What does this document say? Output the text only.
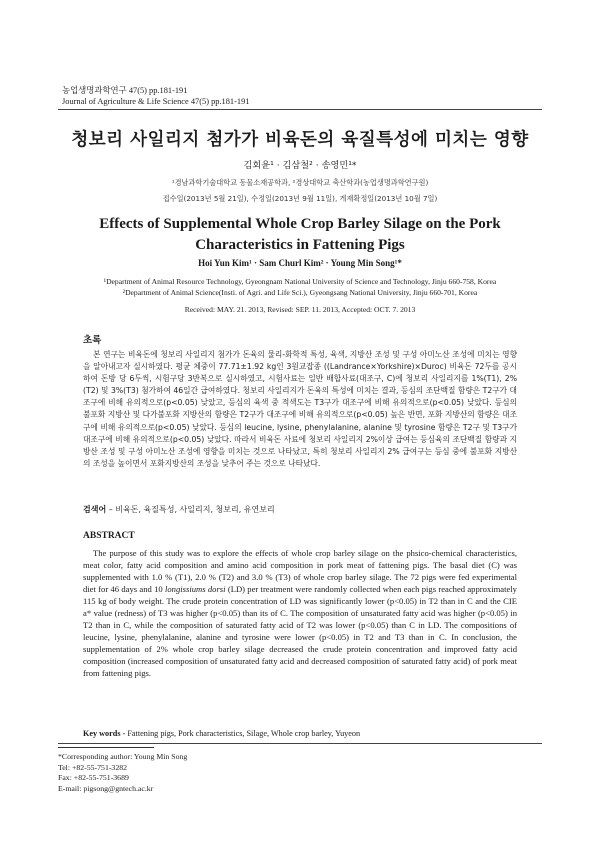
농업생명과학연구 47(5) pp.181-191

Journal of Agriculture & Life Science 47(5) pp.181-191

청보리 사일리지 첨가가 비육돈의 육질특성에 미치는 영향

김회윤¹ · 김삼철² · 송영민¹*

¹경남과학기술대학교 동물소재공학과, ²경상대학교 축산학과(농업생명과학연구원)

접수일(2013년 5월 21일), 수정일(2013년 9월 11일), 게재확정일(2013년 10월 7일)

Effects of Supplemental Whole Crop Barley Silage on the Pork
Characteristics in Fattening Pigs

Hoi Yun Kim¹ · Sam Churl Kim² · Young Min Song¹*

¹Department of Animal Resource Technology, Gyeongnam National University of Science and Technology, Jinju 660-758, Korea
²Department of Animal Science(Insti. of Agri. and Life Sci.), Gyeongsang National University, Jinju 660-701, Korea

Received: MAY. 21. 2013, Revised: SEP. 11. 2013, Accepted: OCT. 7. 2013

초록

본 연구는 비육돈에 청보리 사일리지 첨가가 돈육의 물리-화학적 특성, 육색, 지방산 조성 및 구성 아미노산 조성에 미치는 영향을 알아내고자 실시하였다. 평균 체중이 77.71±1.92 kg인 3원교잡종 ((Landrance×Yorkshire)×Duroc) 비육돈 72두를 공시하여 돈방 당 6두씩, 시험구당 3반복으로 실시하였고, 시험사료는 일반 배합사료(대조구, C)에 청보리 사일리지를 1%(T1), 2%(T2) 및 3%(T3) 첨가하여 46일간 급여하였다. 청보리 사일리지가 돈육의 특성에 미치는 결과, 등심의 조단백질 함량은 T2구가 대조구에 비해 유의적으로(p<0.05) 낮았고, 등심의 육색 중 적색도는 T3구가 대조구에 비해 유의적으로(p<0.05) 낮았다. 등심의 불포화 지방산 및 다가불포화 지방산의 함량은 T2구가 대조구에 비해 유의적으로(p<0.05) 높은 반면, 포화 지방산의 함량은 대조구에 비해 유의적으로(p<0.05) 낮았다. 등심의 leucine, lysine, phenylalanine, alanine 및 tyrosine 함량은 T2구 및 T3구가 대조구에 비해 유의적으로(p<0.05) 낮았다. 따라서 비육돈 사료에 청보리 사일리지 2%이상 급여는 등심육의 조단백질 함량과 지방산 조성 및 구성 아미노산 조성에 영향을 미치는 것으로 나타났고, 특히 청보리 사일리지 2% 급여구는 등심 중에 불포화 지방산의 조성을 높이면서 포화지방산의 조성을 낮추어 주는 것으로 나타났다.

검색어 – 비육돈, 육질특성, 사일리지, 청보리, 유연보리

ABSTRACT

The purpose of this study was to explore the effects of whole crop barley silage on the phsico-chemical characteristics, meat color, fatty acid composition and amino acid composition in pork meat of fattening pigs. The basal diet (C) was supplemented with 1.0 % (T1), 2.0 % (T2) and 3.0 % (T3) of whole crop barley silage. The 72 pigs were fed experimental diet for 46 days and 10 longissiums dorsi (LD) per treatment were randomly collected when each pigs reached approximately 115 kg of body weight. The crude protein concentration of LD was significantly lower (p<0.05) in T2 than in C and the CIE a* value (redness) of T3 was higher (p<0.05) than its of C. The composition of unsaturated fatty acid was higher (p<0.05) in T2 than in C, while the composition of saturated fatty acid of T2 was lower (p<0.05) than C in LD. The compositions of leucine, lysine, phenylalanine, alanine and tyrosine were lower (p<0.05) in T2 and T3 than in C. In conclusion, the supplementation of 2% whole crop barley silage decreased the crude protein concentration and improved fatty acid composition (increased composition of unsaturated fatty acid and decreased composition of saturated fatty acid) of pork meat from fattening pigs.

Key words - Fattening pigs, Pork characteristics, Silage, Whole crop barley, Yuyeon

*Corresponding author: Young Min Song
Tel: +82-55-751-3282
Fax: +82-55-751-3689
E-mail: pigsong@gntech.ac.kr
